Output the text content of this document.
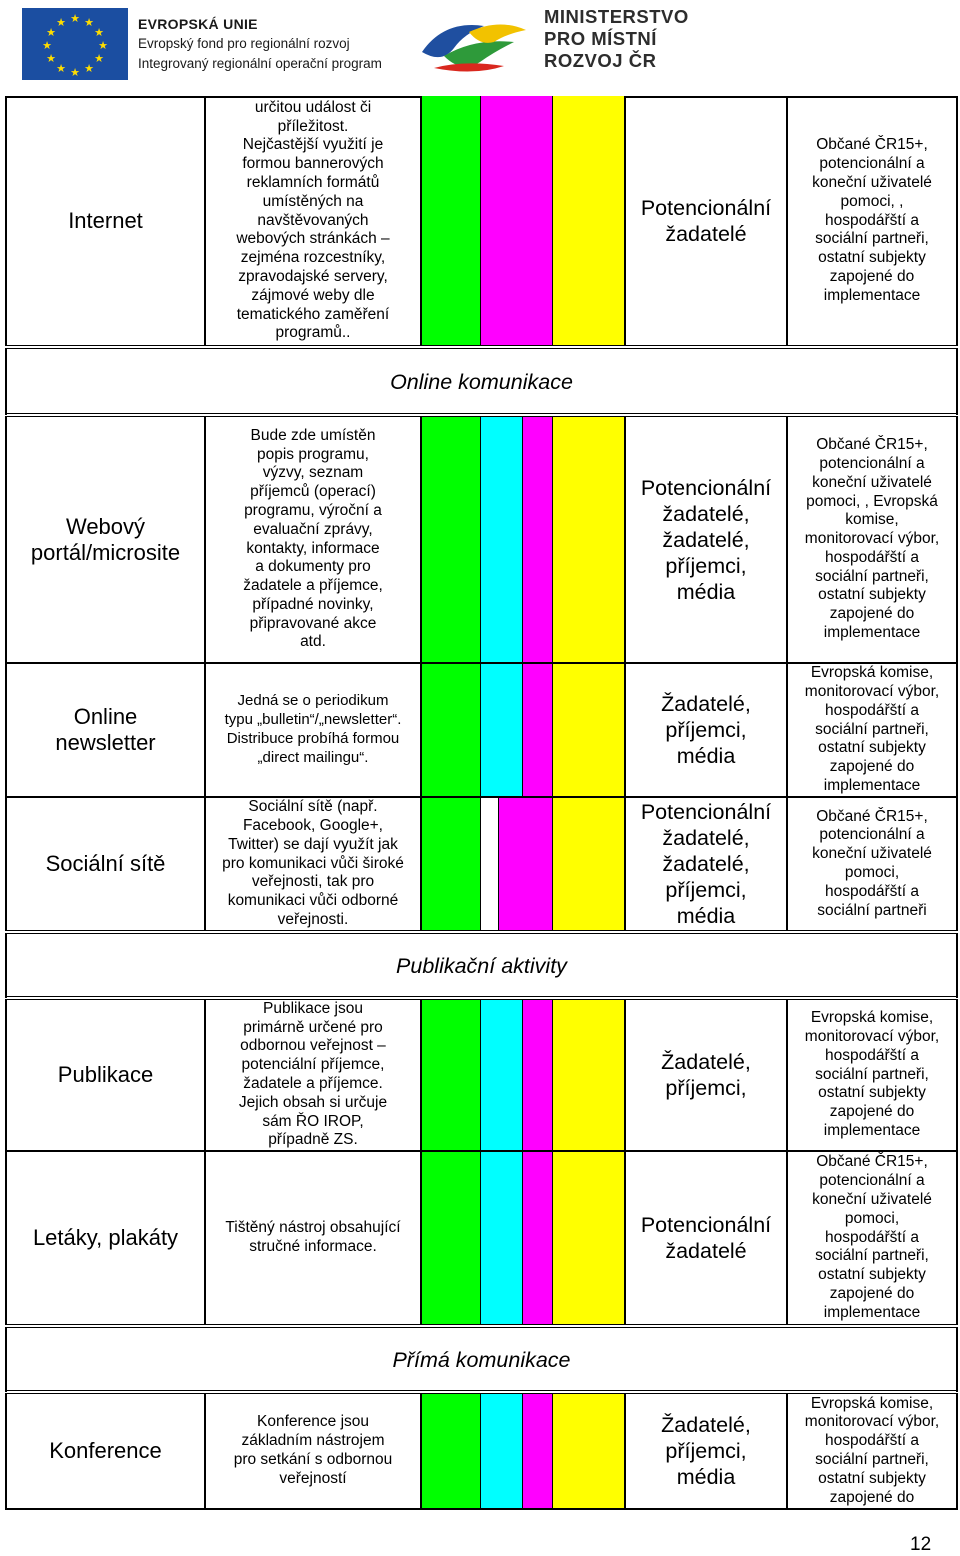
★ ★
★
★
★
★
★
★
★
★
★
★	EVROPSKÁ UNIE
Evropský fond pro regionální rozvoj
Integrovaný regionální operační program
MINISTERSTVO
PRO MÍSTNÍ
ROZVOJ ČR
Internet
určitou událost či
příležitost.
Nejčastější využití je
formou bannerových
reklamních formátů
umístěných na
navštěvovaných
webových stránkách –
zejména rozcestníky,
zpravodajské servery,
zájmové weby dle
tematického zaměření
programů..
Potencionální
žadatelé
Občané ČR15+,
potencionální a
koneční uživatelé
pomoci, ,
hospodářští a
sociální partneři,
ostatní subjekty
zapojené do
implementace
Online komunikace
Webový
portál/microsite
Bude zde umístěn
popis programu,
výzvy, seznam
příjemců (operací)
programu, výroční a
evaluační zprávy,
kontakty, informace
a dokumenty pro
žadatele a příjemce,
případné novinky,
připravované akce
atd.
Potencionální
žadatelé,
žadatelé,
příjemci,
média
Občané ČR15+,
potencionální a
koneční uživatelé
pomoci, , Evropská
komise,
monitorovací výbor,
hospodářští a
sociální partneři,
ostatní subjekty
zapojené do
implementace
Online
newsletter
Jedná se o periodikum
typu „bulletin“/„newsletter“.
Distribuce probíhá formou
„direct mailingu“.
Žadatelé,
příjemci,
média
Evropská komise,
monitorovací výbor,
hospodářští a
sociální partneři,
ostatní subjekty
zapojené do
implementace
Sociální sítě
Sociální sítě (např.
Facebook, Google+,
Twitter) se dají využít jak
pro komunikaci vůči široké
veřejnosti, tak pro
komunikaci vůči odborné
veřejnosti.
Potencionální
žadatelé,
žadatelé,
příjemci,
média
Občané ČR15+,
potencionální a
koneční uživatelé
pomoci,
hospodářští a
sociální partneři
Publikační aktivity
Publikace
Publikace jsou
primárně určené pro
odbornou veřejnost –
potenciální příjemce,
žadatele a příjemce.
Jejich obsah si určuje
sám ŘO IROP,
případně ZS.
Žadatelé,
příjemci,
Evropská komise,
monitorovací výbor,
hospodářští a
sociální partneři,
ostatní subjekty
zapojené do
implementace
Letáky, plakáty	Tištěný nástroj obsahující
stručné informace.
Potencionální
žadatelé
Občané ČR15+,
potencionální a
koneční uživatelé
pomoci,
hospodářští a
sociální partneři,
ostatní subjekty
zapojené do
implementace
Přímá komunikace
Konference
Konference jsou
základním nástrojem
pro setkání s odbornou
veřejností
Žadatelé,
příjemci,
média
Evropská komise,
monitorovací výbor,
hospodářští a
sociální partneři,
ostatní subjekty
zapojené do
12
